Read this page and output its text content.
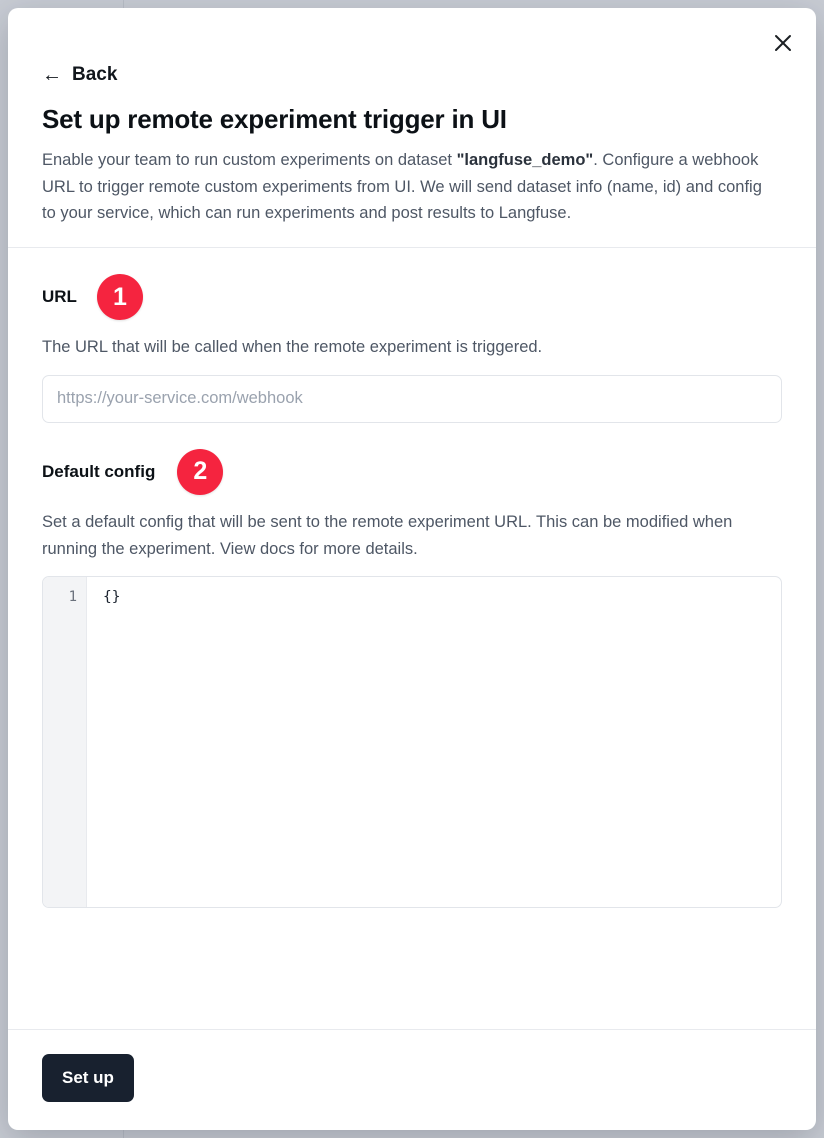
← Back
Set up remote experiment trigger in UI

Enable your team to run custom experiments on dataset "langfuse_demo". Configure a webhook URL to trigger remote custom experiments from UI. We will send dataset info (name, id) and config to your service, which can run experiments and post results to Langfuse.

URL	1

The URL that will be called when the remote experiment is triggered.

https://your-service.com/webhook
Default config	2

Set a default config that will be sent to the remote experiment URL. This can be modified when running the experiment. View docs for more details.

1	{}
Set up
